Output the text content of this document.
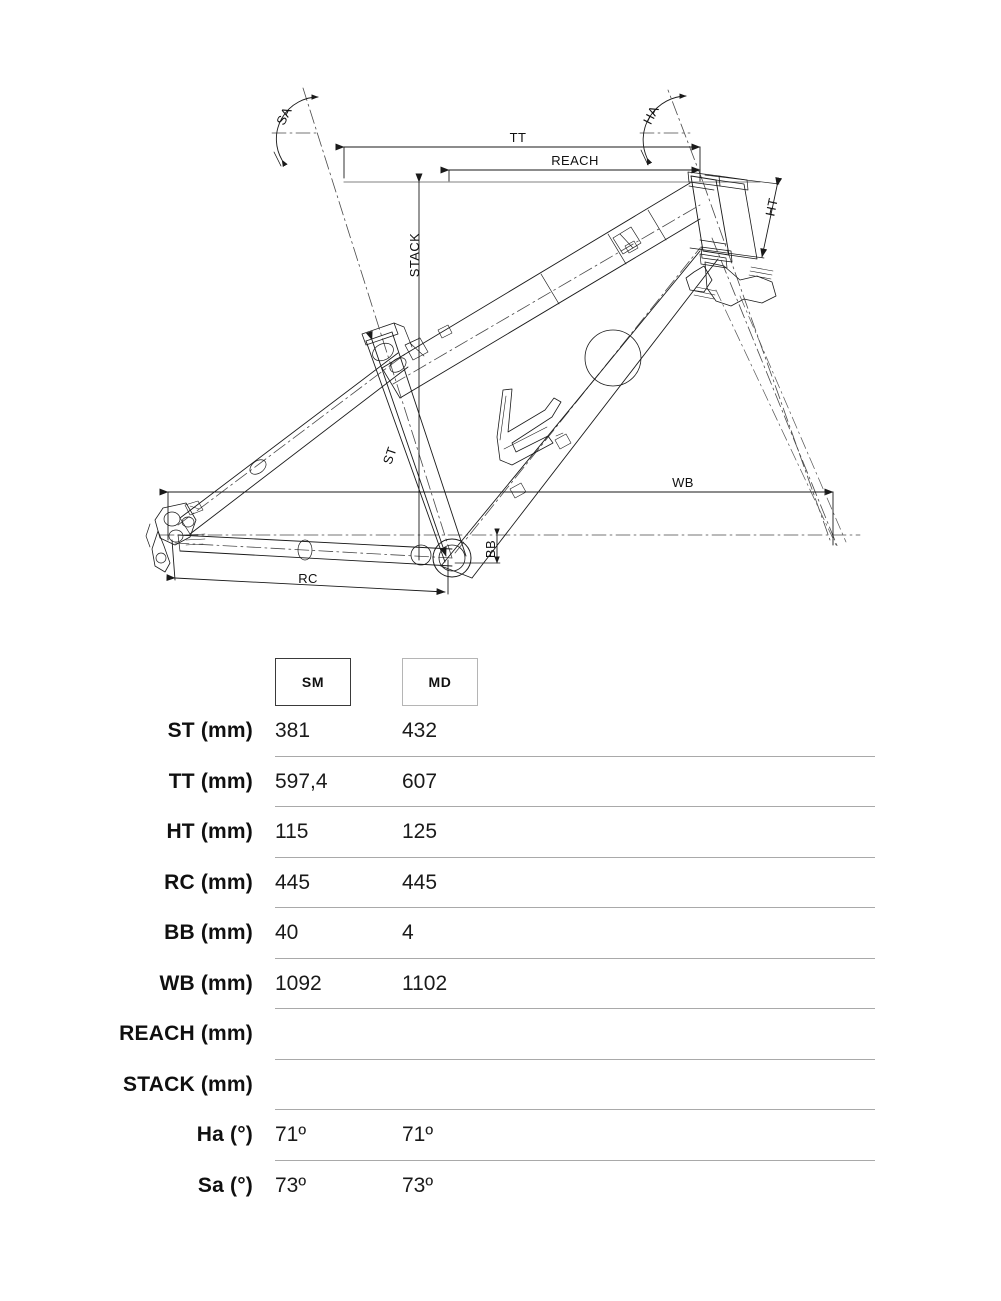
SA	HA
TT
REACH
STACK
HT
ST
BB
WB
RC
SM	MD
ST (mm) 381	432
TT (mm) 597,4	607
HT (mm) 115	125
RC (mm) 445	445
BB (mm) 40	4
WB (mm) 1092	1102
REACH (mm)
STACK (mm)
Ha (°) 71º	71º
Sa (°) 73º	73º
